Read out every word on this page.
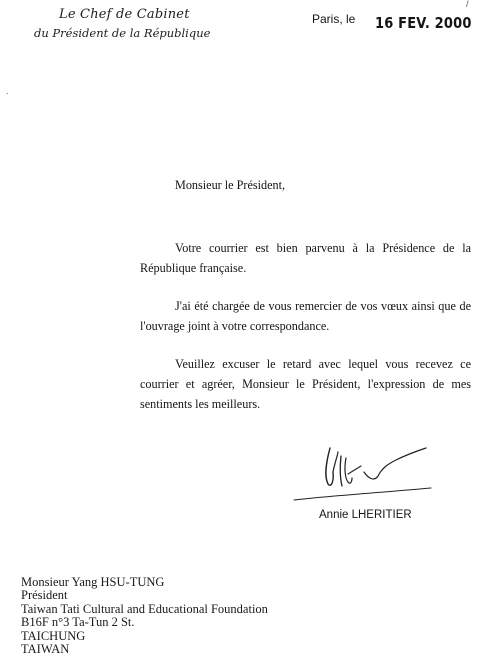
Le Chef de Cabinet
du Président de la République
Paris, le 16 FEV. 2000
/
.
Monsieur le Président,
Votre courrier est bien parvenu à la Présidence de la République française.
J'ai été chargée de vous remercier de vos vœux ainsi que de l'ouvrage joint à votre correspondance.
Veuillez excuser le retard avec lequel vous recevez ce courrier et agréer, Monsieur le Président, l'expression de mes sentiments les meilleurs.
Annie LHERITIER
Monsieur Yang HSU-TUNG
Président
Taiwan Tati Cultural and Educational Foundation
B16F n°3 Ta-Tun 2 St.
TAICHUNG
TAIWAN
